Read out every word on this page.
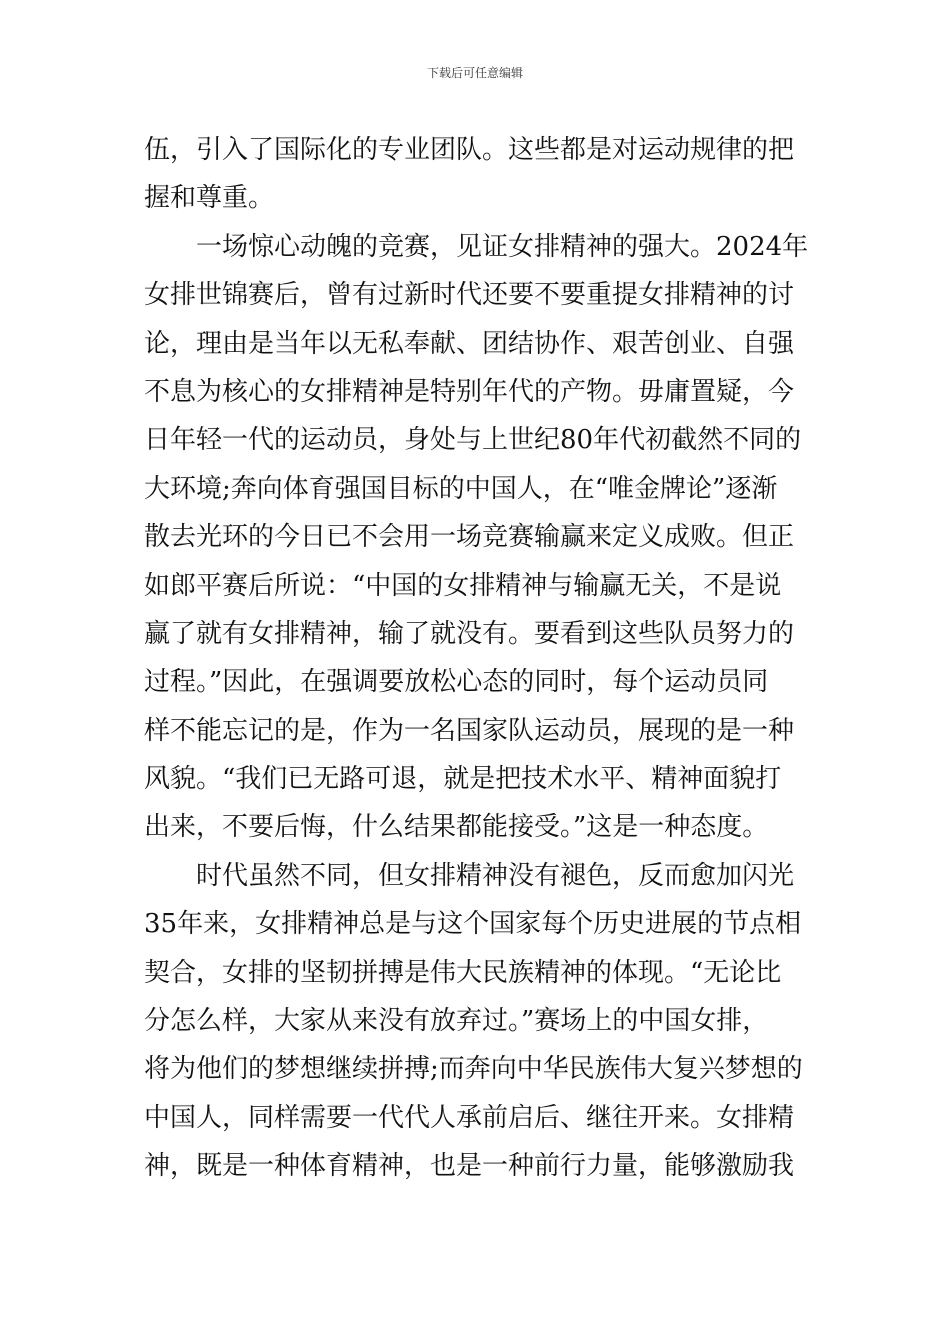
下载后可任意编辑
伍，引入了国际化的专业团队。这些都是对运动规律的把
握和尊重。
一场惊心动魄的竞赛，见证女排精神的强大。2024年
女排世锦赛后，曾有过新时代还要不要重提女排精神的讨
论，理由是当年以无私奉献、团结协作、艰苦创业、自强
不息为核心的女排精神是特别年代的产物。毋庸置疑，今
日年轻一代的运动员，身处与上世纪80年代初截然不同的
大环境;奔向体育强国目标的中国人，在“唯金牌论”逐渐
散去光环的今日已不会用一场竞赛输赢来定义成败。但正
如郎平赛后所说：“中国的女排精神与输赢无关，不是说
赢了就有女排精神，输了就没有。要看到这些队员努力的
过程。”因此，在强调要放松心态的同时，每个运动员同
样不能忘记的是，作为一名国家队运动员，展现的是一种
风貌。“我们已无路可退，就是把技术水平、精神面貌打
出来，不要后悔，什么结果都能接受。”这是一种态度。
时代虽然不同，但女排精神没有褪色，反而愈加闪光
35年来，女排精神总是与这个国家每个历史进展的节点相
契合，女排的坚韧拼搏是伟大民族精神的体现。“无论比
分怎么样，大家从来没有放弃过。”赛场上的中国女排，
将为他们的梦想继续拼搏;而奔向中华民族伟大复兴梦想的
中国人，同样需要一代代人承前启后、继往开来。女排精
神，既是一种体育精神，也是一种前行力量，能够激励我
